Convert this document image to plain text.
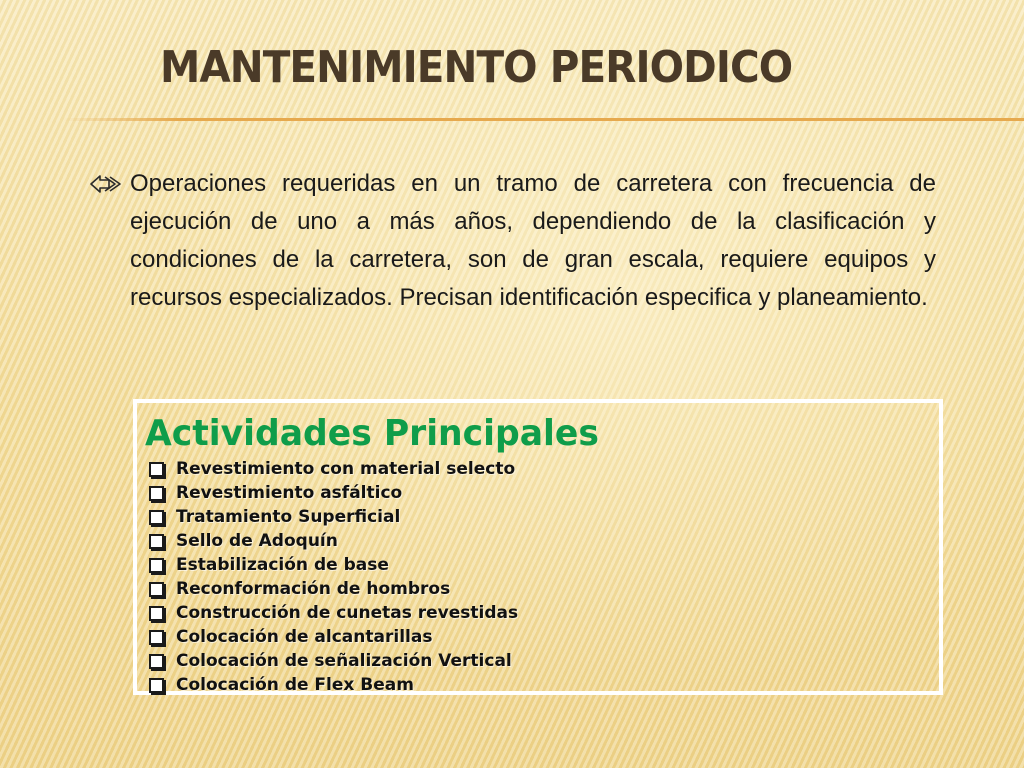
MANTENIMIENTO PERIODICO

Operaciones requeridas en un tramo de carretera con frecuencia de ejecución de uno a más años, dependiendo de la clasificación y condiciones de la carretera, son de gran escala, requiere equipos y recursos especializados. Precisan identificación especifica y planeamiento.

Actividades Principales
Revestimiento con material selecto
Revestimiento asfáltico
Tratamiento Superficial
Sello de Adoquín
Estabilización de base
Reconformación de hombros
Construcción de cunetas revestidas
Colocación de alcantarillas
Colocación de señalización Vertical
Colocación de Flex Beam
